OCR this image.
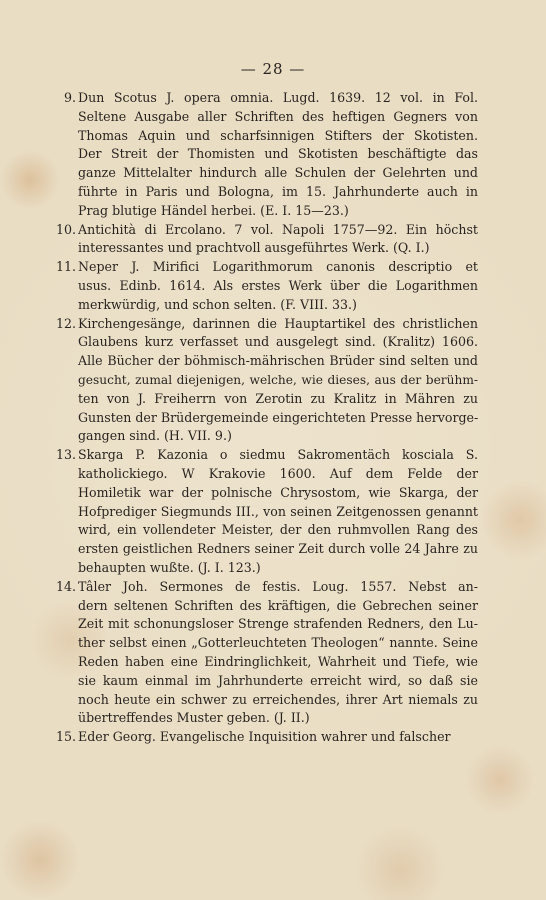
— 28 —
9. Dun Scotus J. opera omnia. Lugd. 1639. 12 vol. in Fol.
Seltene Ausgabe aller Schriften des heftigen Gegners von
Thomas Aquin und scharfsinnigen Stifters der Skotisten.
Der Streit der Thomisten und Skotisten beschäftigte das
ganze Mittelalter hindurch alle Schulen der Gelehrten und
führte in Paris und Bologna, im 15. Jahrhunderte auch in
Prag blutige Händel herbei. (E. I. 15—23.)
10. Antichità di Ercolano. 7 vol. Napoli 1757—92. Ein höchst
interessantes und prachtvoll ausgeführtes Werk. (Q. I.)
11. Neper J. Mirifici Logarithmorum canonis descriptio et
usus. Edinb. 1614. Als erstes Werk über die Logarithmen
merkwürdig, und schon selten. (F. VIII. 33.)
12. Kirchengesänge, darinnen die Hauptartikel des christlichen
Glaubens kurz verfasset und ausgelegt sind. (Kralitz) 1606.
Alle Bücher der böhmisch-mährischen Brüder sind selten und
gesucht, zumal diejenigen, welche, wie dieses, aus der berühm-
ten von J. Freiherrn von Zerotin zu Kralitz in Mähren zu
Gunsten der Brüdergemeinde eingerichteten Presse hervorge-
gangen sind. (H. VII. 9.)
13. Skarga P. Kazonia o siedmu Sakromentäch kosciala S.
katholickiego. W Krakovie 1600. Auf dem Felde der
Homiletik war der polnische Chrysostom, wie Skarga, der
Hofprediger Siegmunds III., von seinen Zeitgenossen genannt
wird, ein vollendeter Meister, der den ruhmvollen Rang des
ersten geistlichen Redners seiner Zeit durch volle 24 Jahre zu
behaupten wußte. (J. I. 123.)
14. Tâler Joh. Sermones de festis. Loug. 1557. Nebst an-
dern seltenen Schriften des kräftigen, die Gebrechen seiner
Zeit mit schonungsloser Strenge strafenden Redners, den Lu-
ther selbst einen „Gotterleuchteten Theologen“ nannte. Seine
Reden haben eine Eindringlichkeit, Wahrheit und Tiefe, wie
sie kaum einmal im Jahrhunderte erreicht wird, so daß sie
noch heute ein schwer zu erreichendes, ihrer Art niemals zu
übertreffendes Muster geben. (J. II.)
15. Eder Georg. Evangelische Inquisition wahrer und falscher
